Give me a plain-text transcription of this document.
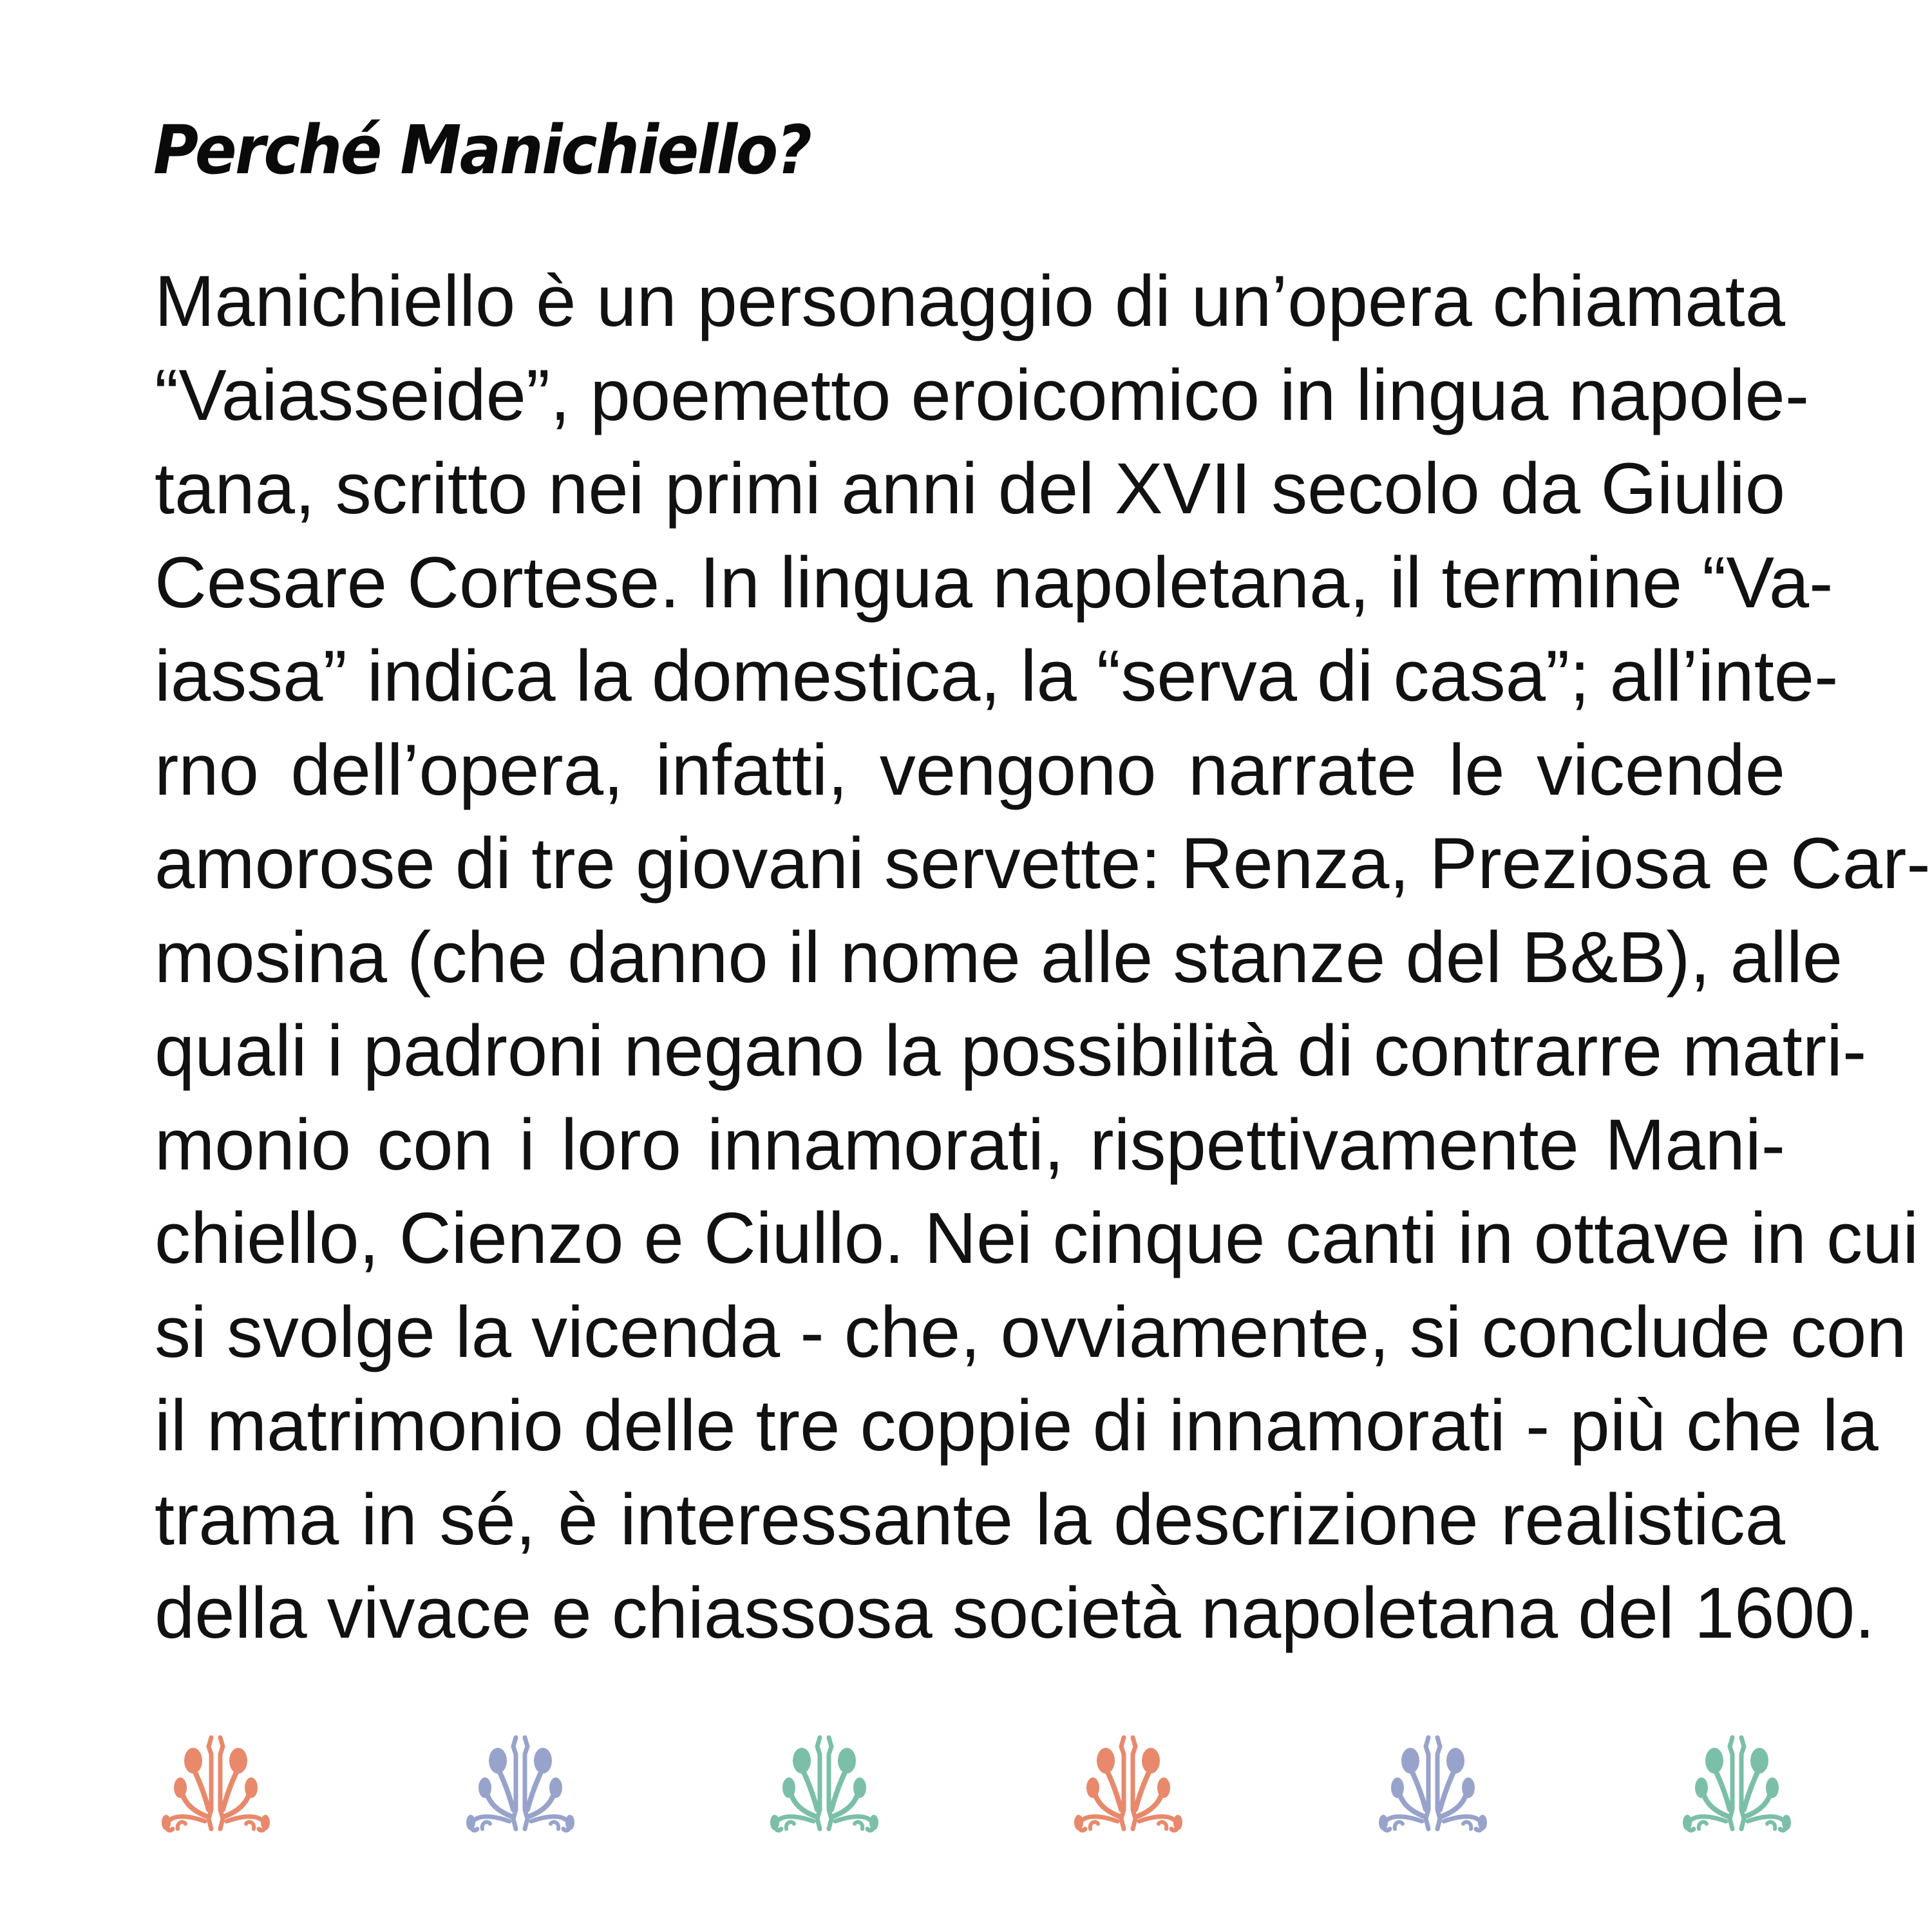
Perché Manichiello?
Manichiello è un personaggio di un’opera chiamata
“Vaiasseide”, poemetto eroicomico in lingua napole-
tana, scritto nei primi anni del XVII secolo da Giulio
Cesare Cortese. In lingua napoletana, il termine “Va-
iassa” indica la domestica, la “serva di casa”; all’inte-
rno dell’opera, infatti, vengono narrate le vicende
amorose di tre giovani servette: Renza, Preziosa e Car-
mosina (che danno il nome alle stanze del B&B), alle
quali i padroni negano la possibilità di contrarre matri-
monio con i loro innamorati, rispettivamente Mani-
chiello, Cienzo e Ciullo. Nei cinque canti in ottave in cui
si svolge la vicenda - che, ovviamente, si conclude con
il matrimonio delle tre coppie di innamorati - più che la
trama in sé, è interessante la descrizione realistica
della vivace e chiassosa società napoletana del 1600.
